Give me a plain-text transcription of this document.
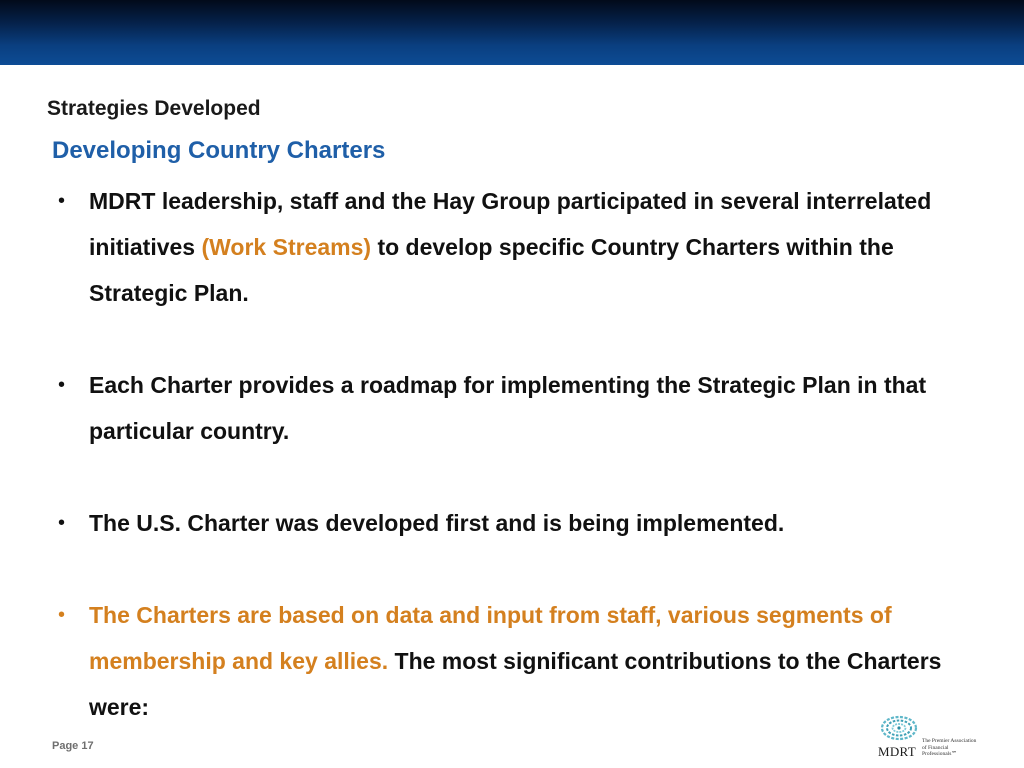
Strategies Developed
Developing Country Charters
•	MDRT leadership, staff and the Hay Group participated in several interrelated initiatives (Work Streams) to develop specific Country Charters within the Strategic Plan.
•	Each Charter provides a roadmap for implementing the Strategic Plan in that particular country.
•	The U.S. Charter was developed first and is being implemented.
•	The Charters are based on data and input from staff, various segments of membership and key allies. The most significant contributions to the Charters were:
Page 17	MDRT
The Premier Association of Financial Professionals℠
